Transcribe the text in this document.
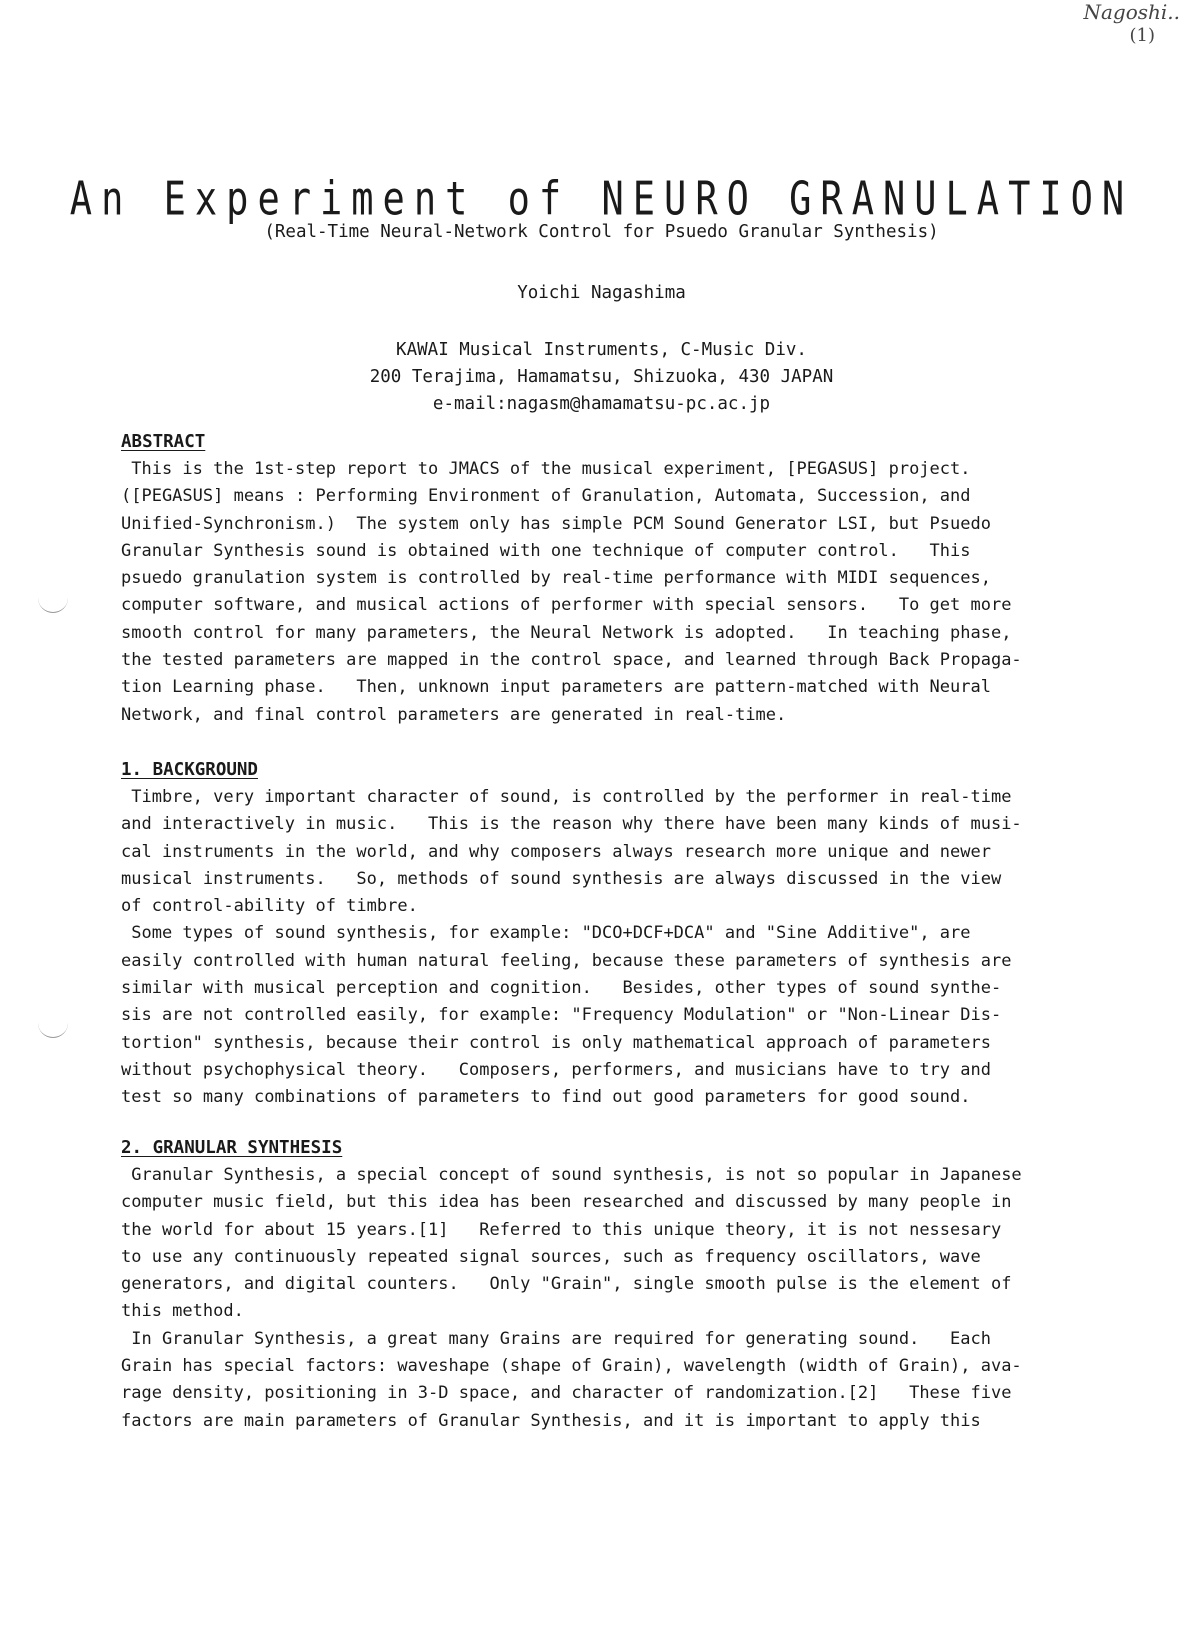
Nagoshi..
(1)
An Experiment of NEURO GRANULATION

(Real-Time Neural-Network Control for Psuedo Granular Synthesis)

Yoichi Nagashima

KAWAI Musical Instruments, C-Music Div.
200 Terajima, Hamamatsu, Shizuoka, 430 JAPAN
e-mail:nagasm@hamamatsu-pc.ac.jp
ABSTRACT
This is the 1st-step report to JMACS of the musical experiment, [PEGASUS] project.
([PEGASUS] means : Performing Environment of Granulation, Automata, Succession, and
Unified-Synchronism.)  The system only has simple PCM Sound Generator LSI, but Psuedo
Granular Synthesis sound is obtained with one technique of computer control.   This
psuedo granulation system is controlled by real-time performance with MIDI sequences,
computer software, and musical actions of performer with special sensors.   To get more
smooth control for many parameters, the Neural Network is adopted.   In teaching phase,
the tested parameters are mapped in the control space, and learned through Back Propaga-
tion Learning phase.   Then, unknown input parameters are pattern-matched with Neural
Network, and final control parameters are generated in real-time.
1. BACKGROUND
Timbre, very important character of sound, is controlled by the performer in real-time
and interactively in music.   This is the reason why there have been many kinds of musi-
cal instruments in the world, and why composers always research more unique and newer
musical instruments.   So, methods of sound synthesis are always discussed in the view
of control-ability of timbre.
Some types of sound synthesis, for example: "DCO+DCF+DCA" and "Sine Additive", are
easily controlled with human natural feeling, because these parameters of synthesis are
similar with musical perception and cognition.   Besides, other types of sound synthe-
sis are not controlled easily, for example: "Frequency Modulation" or "Non-Linear Dis-
tortion" synthesis, because their control is only mathematical approach of parameters
without psychophysical theory.   Composers, performers, and musicians have to try and
test so many combinations of parameters to find out good parameters for good sound.
2. GRANULAR SYNTHESIS
Granular Synthesis, a special concept of sound synthesis, is not so popular in Japanese
computer music field, but this idea has been researched and discussed by many people in
the world for about 15 years.[1]   Referred to this unique theory, it is not nessesary
to use any continuously repeated signal sources, such as frequency oscillators, wave
generators, and digital counters.   Only "Grain", single smooth pulse is the element of
this method.
In Granular Synthesis, a great many Grains are required for generating sound.   Each
Grain has special factors: waveshape (shape of Grain), wavelength (width of Grain), ava-
rage density, positioning in 3-D space, and character of randomization.[2]   These five
factors are main parameters of Granular Synthesis, and it is important to apply this
